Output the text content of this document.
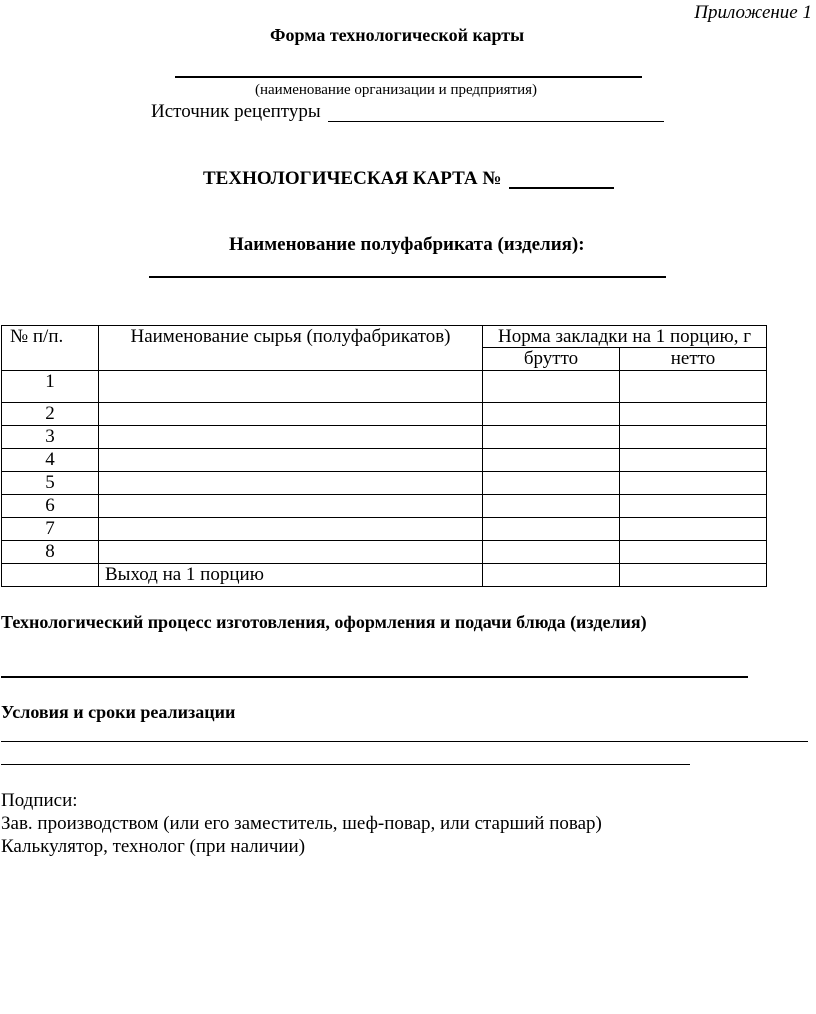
Приложение 1
Форма технологической карты
(наименование организации и предприятия)
Источник рецептуры
ТЕХНОЛОГИЧЕСКАЯ КАРТА №
Наименование полуфабриката (изделия):
№ п/п.	Наименование сырья (полуфабрикатов)	Норма закладки на 1 порцию, г	
		брутто	нетто
1			
2			
3			
4			
5			
6			
7			
8			
	Выход на 1 порцию		
Технологический процесс изготовления, оформления и подачи блюда (изделия)
Условия и сроки реализации
Подписи:
Зав. производством (или его заместитель, шеф-повар, или старший повар)
Калькулятор, технолог (при наличии)
